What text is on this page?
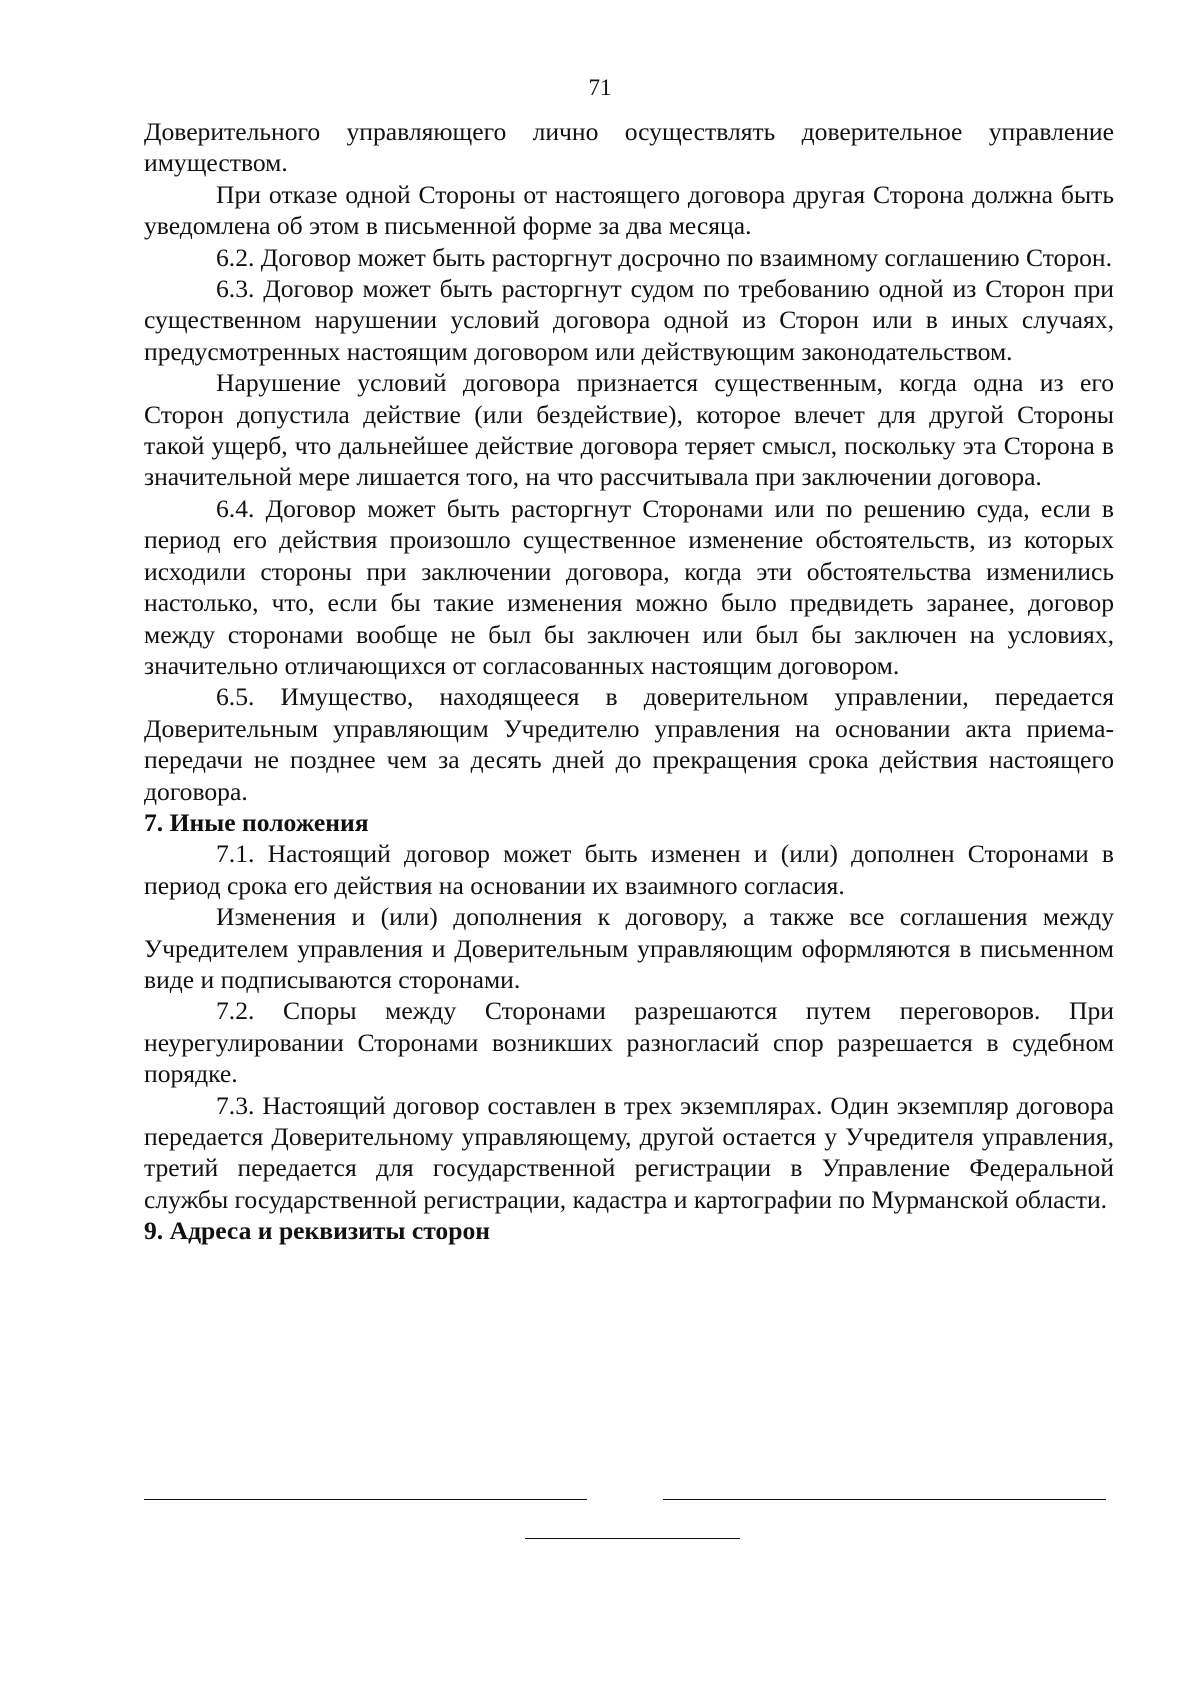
71

Доверительного управляющего лично осуществлять доверительное управление имуществом.

При отказе одной Стороны от настоящего договора другая Сторона должна быть уведомлена об этом в письменной форме за два месяца.

6.2. Договор может быть расторгнут досрочно по взаимному соглашению Сторон.

6.3. Договор может быть расторгнут судом по требованию одной из Сторон при существенном нарушении условий договора одной из Сторон или в иных случаях, предусмотренных настоящим договором или действующим законодательством.

Нарушение условий договора признается существенным, когда одна из его Сторон допустила действие (или бездействие), которое влечет для другой Стороны такой ущерб, что дальнейшее действие договора теряет смысл, поскольку эта Сторона в значительной мере лишается того, на что рассчитывала при заключении договора.

6.4. Договор может быть расторгнут Сторонами или по решению суда, если в период его действия произошло существенное изменение обстоятельств, из которых исходили стороны при заключении договора, когда эти обстоятельства изменились настолько, что, если бы такие изменения можно было предвидеть заранее, договор между сторонами вообще не был бы заключен или был бы заключен на условиях, значительно отличающихся от согласованных настоящим договором.

6.5. Имущество, находящееся в доверительном управлении, передается Доверительным управляющим Учредителю управления на основании акта приема-передачи не позднее чем за десять дней до прекращения срока действия настоящего договора.

7. Иные положения

7.1. Настоящий договор может быть изменен и (или) дополнен Сторонами в период срока его действия на основании их взаимного согласия.

Изменения и (или) дополнения к договору, а также все соглашения между Учредителем управления и Доверительным управляющим оформляются в письменном виде и подписываются сторонами.

7.2. Споры между Сторонами разрешаются путем переговоров. При неурегулировании Сторонами возникших разногласий спор разрешается в судебном порядке.

7.3. Настоящий договор составлен в трех экземплярах. Один экземпляр договора передается Доверительному управляющему, другой остается у Учредителя управления, третий передается для государственной регистрации в Управление Федеральной службы государственной регистрации, кадастра и картографии по Мурманской области.

9. Адреса и реквизиты сторон
